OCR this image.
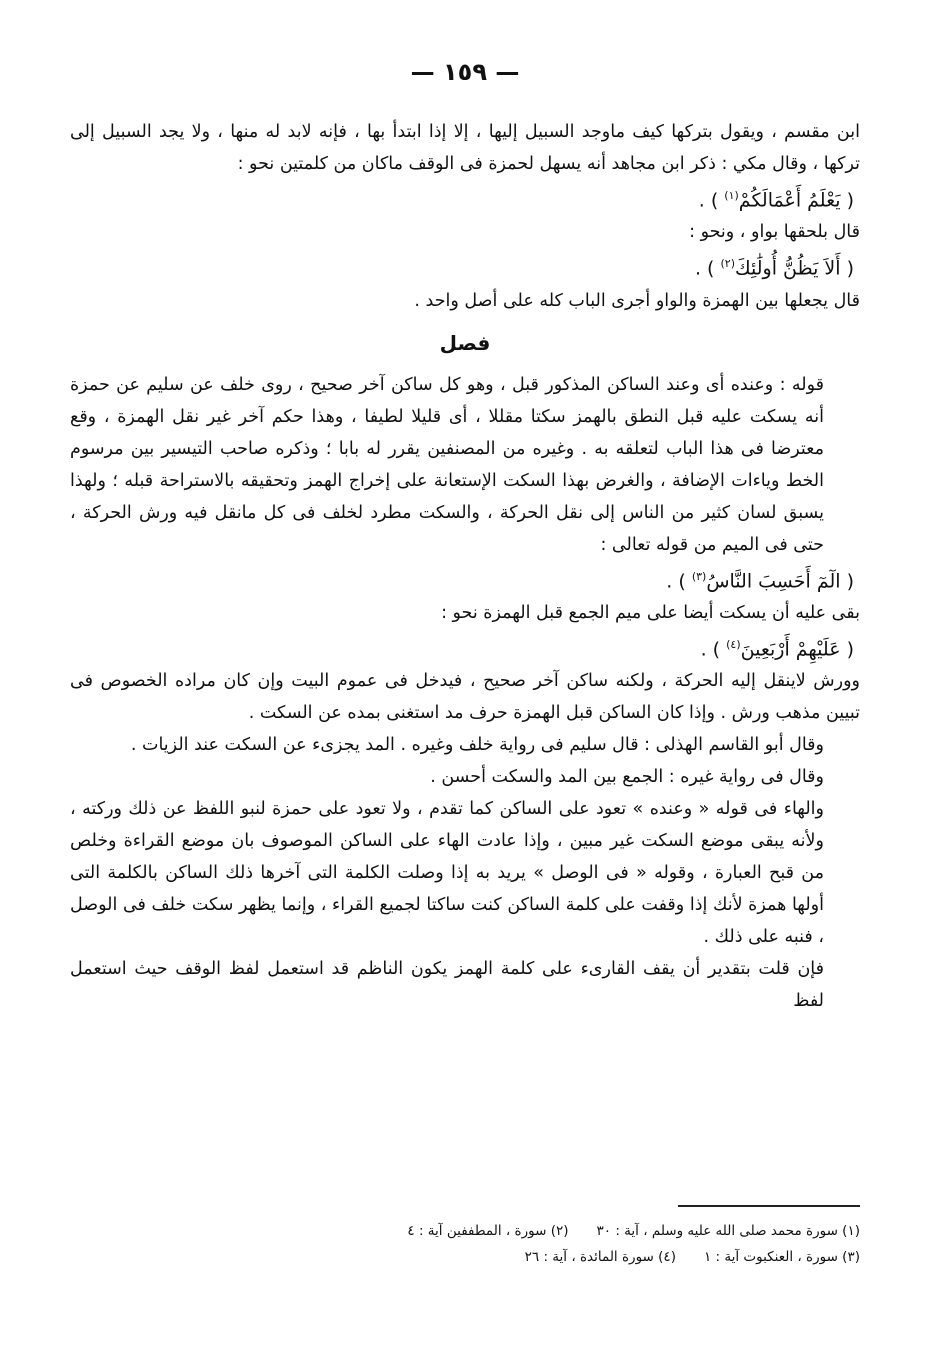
— ١٥٩ —

ابن مقسم ، ويقول بتركها كيف ماوجد السبيل إليها ، إلا إذا ابتدأ بها ، فإنه لابد له منها ، ولا يجد السبيل إلى تركها ، وقال مكي : ذكر ابن مجاهد أنه يسهل لحمزة فى الوقف ماكان من كلمتين نحو :

( يَعْلَمُ أَعْمَالَكُمْ$^{(١)}$ ) .

قال بلحقها بواو ، ونحو :

( أَلاَ يَظُنُّ أُولَٰئِكَ$^{(٢)}$ ) .

قال يجعلها بين الهمزة والواو أجرى الباب كله على أصل واحد .

فصل

قوله : وعنده أى وعند الساكن المذكور قبل ، وهو كل ساكن آخر صحيح ، روى خلف عن سليم عن حمزة أنه يسكت عليه قبل النطق بالهمز سكتا مقللا ، أى قليلا لطيفا ، وهذا حكم آخر غير نقل الهمزة ، وقع معترضا فى هذا الباب لتعلقه به . وغيره من المصنفين يقرر له بابا ؛ وذكره صاحب التيسير بين مرسوم الخط وياءات الإضافة ، والغرض بهذا السكت الإستعانة على إخراج الهمز وتحقيقه بالاستراحة قبله ؛ ولهذا يسبق لسان كثير من الناس إلى نقل الحركة ، والسكت مطرد لخلف فى كل مانقل فيه ورش الحركة ، حتى فى الميم من قوله تعالى :

( الٓمٓ أَحَسِبَ النَّاسُ$^{(٣)}$ ) .

بقى عليه أن يسكت أيضا على ميم الجمع قبل الهمزة نحو :

( عَلَيْهِمْ أَرْبَعِينَ$^{(٤)}$ ) .

وورش لاينقل إليه الحركة ، ولكنه ساكن آخر صحيح ، فيدخل فى عموم البيت وإن كان مراده الخصوص فى تبيين مذهب ورش . وإذا كان الساكن قبل الهمزة حرف مد استغنى بمده عن السكت .

وقال أبو القاسم الهذلى : قال سليم فى رواية خلف وغيره . المد يجزىء عن السكت عند الزيات .

وقال فى رواية غيره : الجمع بين المد والسكت أحسن .

والهاء فى قوله « وعنده » تعود على الساكن كما تقدم ، ولا تعود على حمزة لنبو اللفظ عن ذلك وركته ، ولأنه يبقى موضع السكت غير مبين ، وإذا عادت الهاء على الساكن الموصوف بان موضع القراءة وخلص من قبح العبارة ، وقوله « فى الوصل » يريد به إذا وصلت الكلمة التى آخرها ذلك الساكن بالكلمة التى أولها همزة لأنك إذا وقفت على كلمة الساكن كنت ساكتا لجميع القراء ، وإنما يظهر سكت خلف فى الوصل ، فنبه على ذلك .

فإن قلت بتقدير أن يقف القارىء على كلمة الهمز يكون الناظم قد استعمل لفظ الوقف حيث استعمل لفظ

(١) سورة محمد صلى الله عليه وسلم ، آية : ٣٠
(٢) سورة ، المطففين آية : ٤
(٣) سورة ، العنكبوت آية : ١
(٤) سورة المائدة ، آية : ٢٦
